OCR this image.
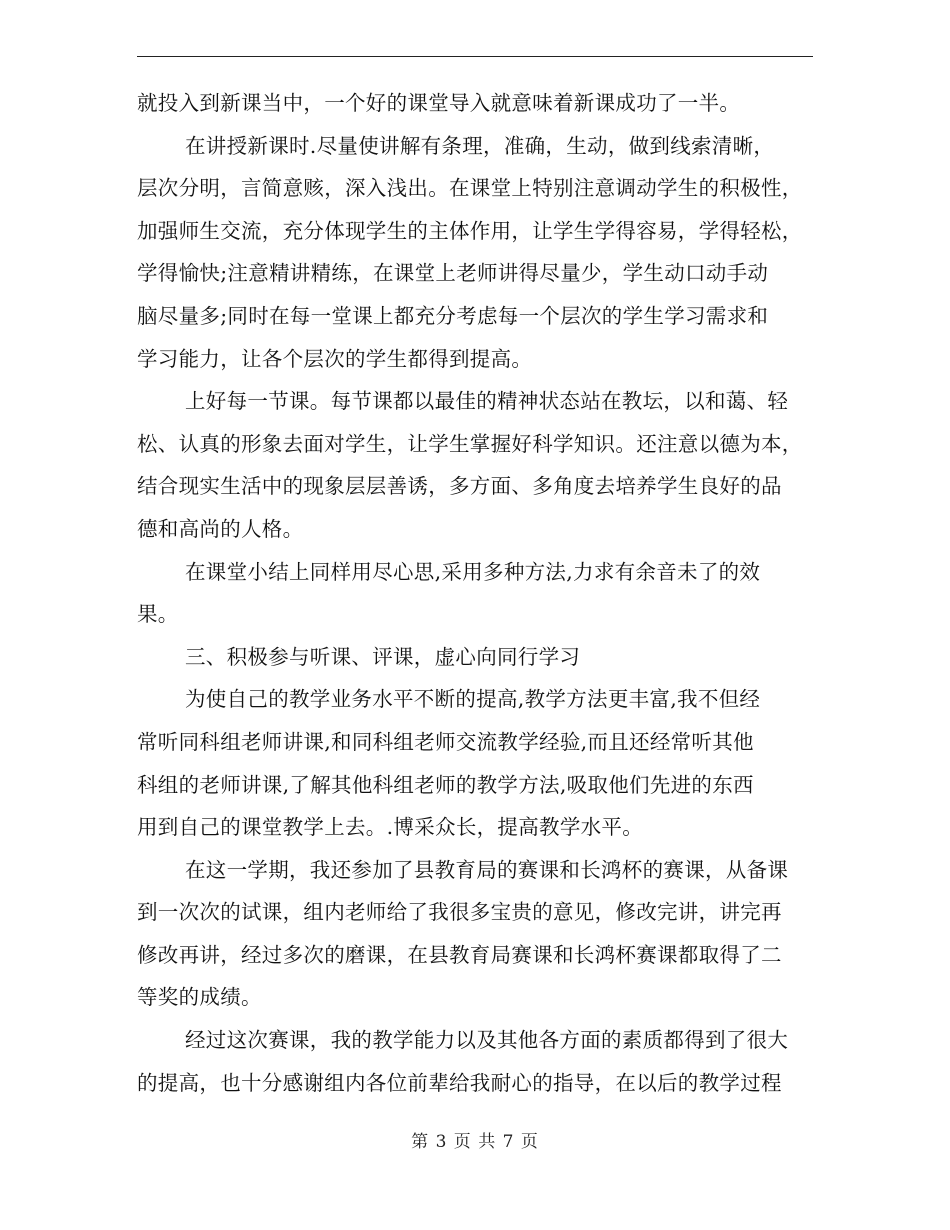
就投入到新课当中，一个好的课堂导入就意味着新课成功了一半。
在讲授新课时.尽量使讲解有条理，准确，生动，做到线索清晰，
层次分明，言简意赅，深入浅出。在课堂上特别注意调动学生的积极性，
加强师生交流，充分体现学生的主体作用，让学生学得容易，学得轻松，
学得愉快;注意精讲精练，在课堂上老师讲得尽量少，学生动口动手动
脑尽量多;同时在每一堂课上都充分考虑每一个层次的学生学习需求和
学习能力，让各个层次的学生都得到提高。
上好每一节课。每节课都以最佳的精神状态站在教坛，以和蔼、轻
松、认真的形象去面对学生，让学生掌握好科学知识。还注意以德为本，
结合现实生活中的现象层层善诱，多方面、多角度去培养学生良好的品
德和高尚的人格。
在课堂小结上同样用尽心思,采用多种方法,力求有余音未了的效
果。
三、积极参与听课、评课，虚心向同行学习
为使自己的教学业务水平不断的提高,教学方法更丰富,我不但经
常听同科组老师讲课,和同科组老师交流教学经验,而且还经常听其他
科组的老师讲课,了解其他科组老师的教学方法,吸取他们先进的东西
用到自己的课堂教学上去。.博采众长，提高教学水平。
在这一学期，我还参加了县教育局的赛课和长鸿杯的赛课，从备课
到一次次的试课，组内老师给了我很多宝贵的意见，修改完讲，讲完再
修改再讲，经过多次的磨课，在县教育局赛课和长鸿杯赛课都取得了二
等奖的成绩。
经过这次赛课，我的教学能力以及其他各方面的素质都得到了很大
的提高，也十分感谢组内各位前辈给我耐心的指导，在以后的教学过程
第 3 页 共 7 页
